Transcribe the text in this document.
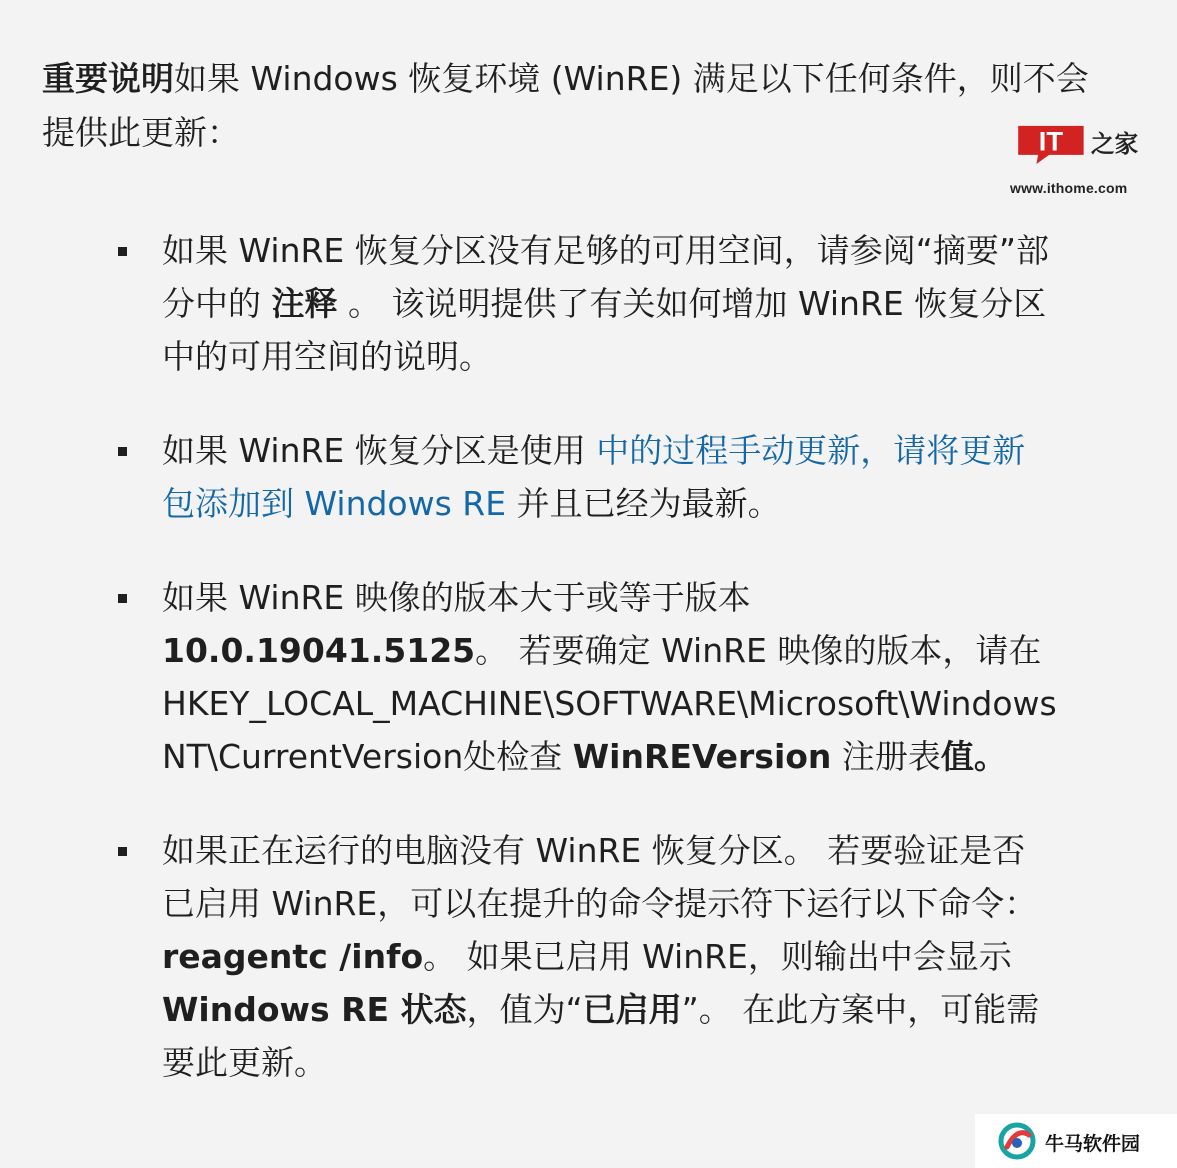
重要说明如果 Windows 恢复环境 (WinRE) 满足以下任何条件，则不会提供此更新：	IT 之家
www.ithome.com
如果 WinRE 恢复分区没有足够的可用空间，请参阅“摘要”部分中的 注释 。 该说明提供了有关如何增加 WinRE 恢复分区中的可用空间的说明。
如果 WinRE 恢复分区是使用 中的过程手动更新，请将更新包添加到 Windows RE 并且已经为最新。
如果 WinRE 映像的版本大于或等于版本 10.0.19041.5125。 若要确定 WinRE 映像的版本，请在 HKEY_LOCAL_MACHINE\SOFTWARE\Microsoft\Windows NT\CurrentVersion处检查 WinREVersion 注册表值。
如果正在运行的电脑没有 WinRE 恢复分区。 若要验证是否已启用 WinRE，可以在提升的命令提示符下运行以下命令：reagentc /info。 如果已启用 WinRE，则输出中会显示 Windows RE 状态，值为“已启用”。 在此方案中，可能需要此更新。
牛马软件园
